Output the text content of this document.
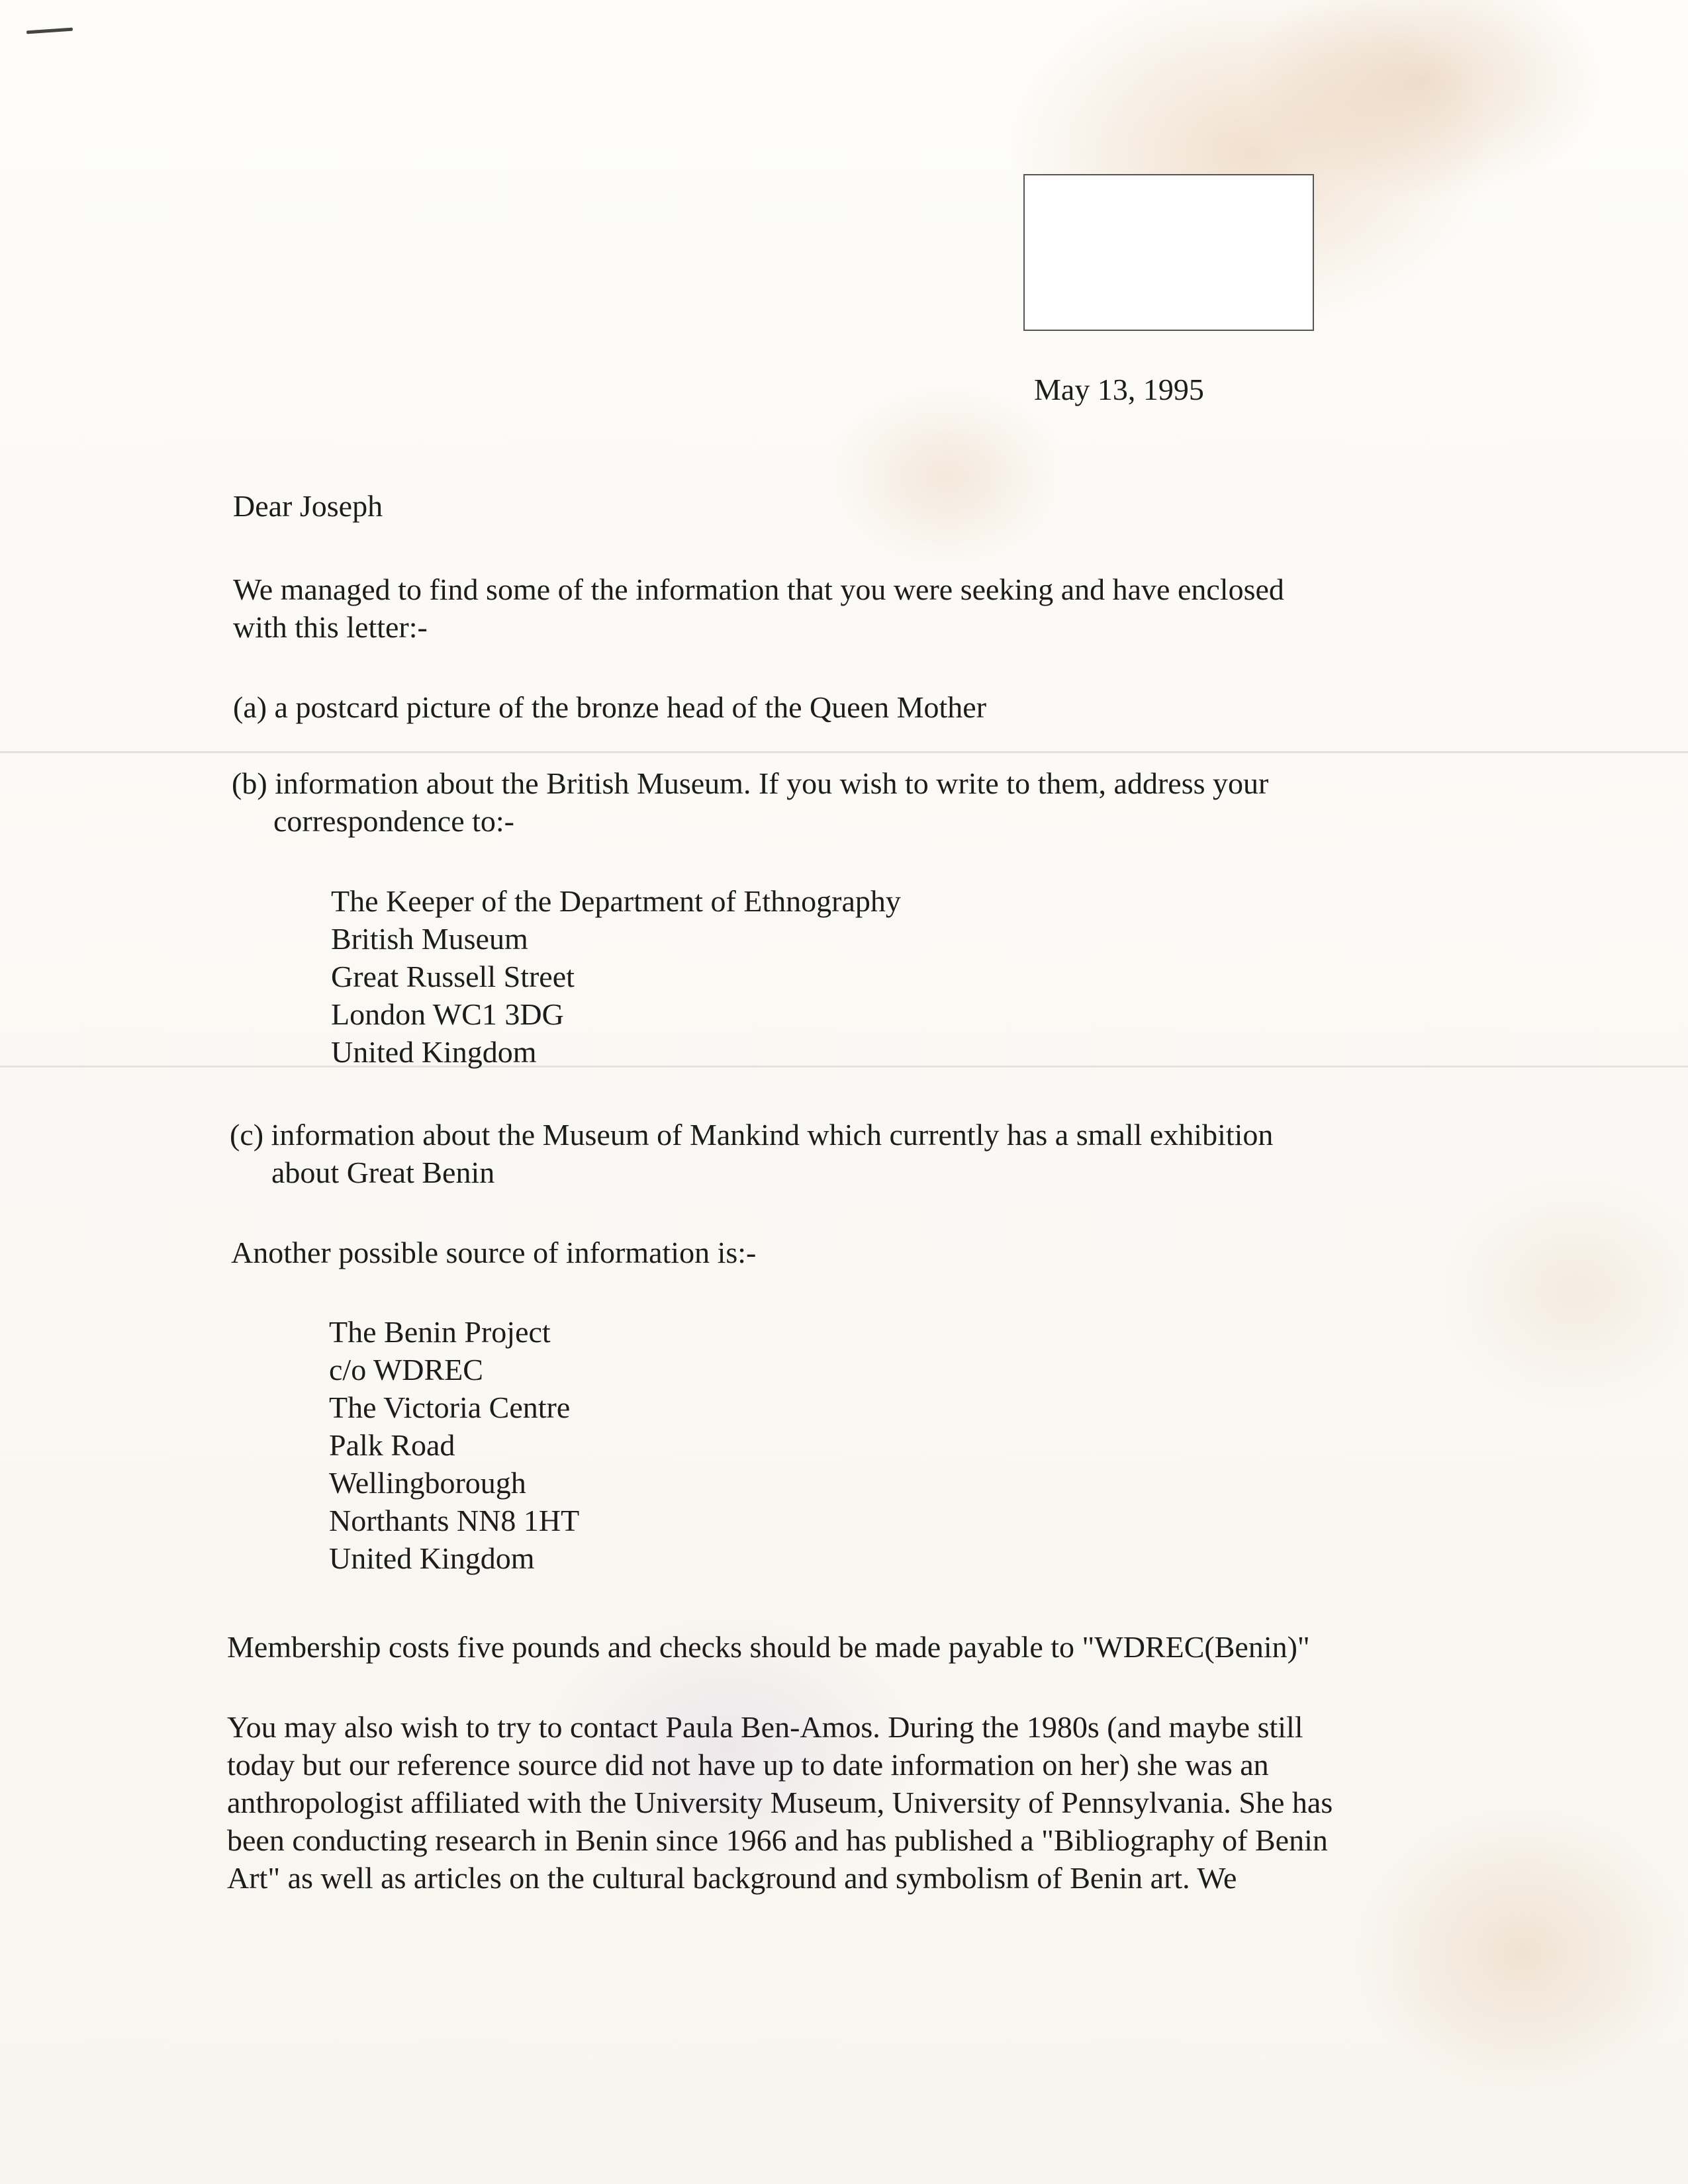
May 13, 1995
Dear Joseph
We managed to find some of the information that you were seeking and have enclosed
with this letter:-
(a) a postcard picture of the bronze head of the Queen Mother
(b) information about the British Museum. If you wish to write to them, address your
correspondence to:-
The Keeper of the Department of Ethnography
British Museum
Great Russell Street
London WC1 3DG
United Kingdom
(c) information about the Museum of Mankind which currently has a small exhibition
about Great Benin
Another possible source of information is:-
The Benin Project
c/o WDREC
The Victoria Centre
Palk Road
Wellingborough
Northants NN8 1HT
United Kingdom
Membership costs five pounds and checks should be made payable to "WDREC(Benin)"
You may also wish to try to contact Paula Ben-Amos. During the 1980s (and maybe still
today but our reference source did not have up to date information on her) she was an
anthropologist affiliated with the University Museum, University of Pennsylvania. She has
been conducting research in Benin since 1966 and has published a "Bibliography of Benin
Art" as well as articles on the cultural background and symbolism of Benin art. We
